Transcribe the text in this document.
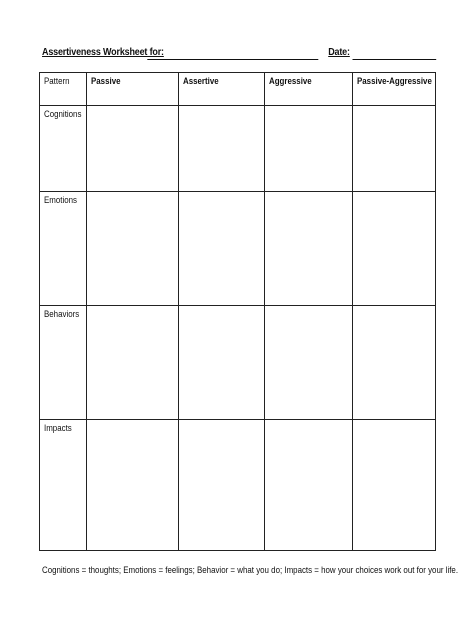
Assertiveness Worksheet for:	Date:
Pattern	Passive	Assertive	Aggressive	Passive-Aggressive
Cognitions				
Emotions				
Behaviors				
Impacts				
Cognitions = thoughts; Emotions = feelings; Behavior = what you do; Impacts = how your choices work out for your life.
